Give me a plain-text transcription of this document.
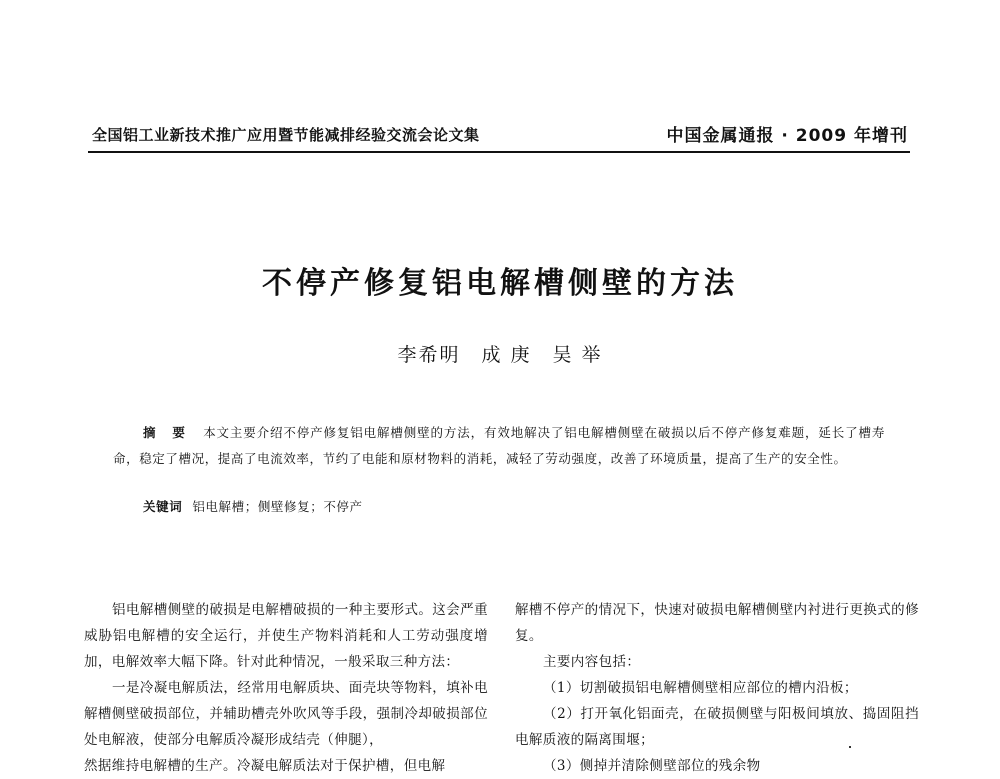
全国铝工业新技术推广应用暨节能减排经验交流会论文集	中国金属通报 · 2009 年增刊
不停产修复铝电解槽侧壁的方法
李希明　成 庚　吴 举
摘 要 本文主要介绍不停产修复铝电解槽侧壁的方法，有效地解决了铝电解槽侧壁在破损以后不停产修复难题，延长了槽寿命，稳定了槽况，提高了电流效率，节约了电能和原材物料的消耗，减轻了劳动强度，改善了环境质量，提高了生产的安全性。
关键词 铝电解槽；侧壁修复；不停产

铝电解槽侧壁的破损是电解槽破损的一种主要形式。这会严重威胁铝电解槽的安全运行，并使生产物料消耗和人工劳动强度增加，电解效率大幅下降。针对此种情况，一般采取三种方法：

一是冷凝电解质法，经常用电解质块、面壳块等物料，填补电解槽侧壁破损部位，并辅助槽壳外吹风等手段，强制冷却破损部位处电解液，使部分电解质冷凝形成结壳（伸腿），

然据维持电解槽的生产。冷凝电解质法对于保护槽，但电解

解槽不停产的情况下，快速对破损电解槽侧壁内衬进行更换式的修复。

主要内容包括：

（1）切割破损铝电解槽侧壁相应部位的槽内沿板；

（2）打开氧化铝面壳，在破损侧壁与阳极间填放、捣固阻挡电解质液的隔离围堰；

（3）侧掉并清除侧壁部位的残余物
